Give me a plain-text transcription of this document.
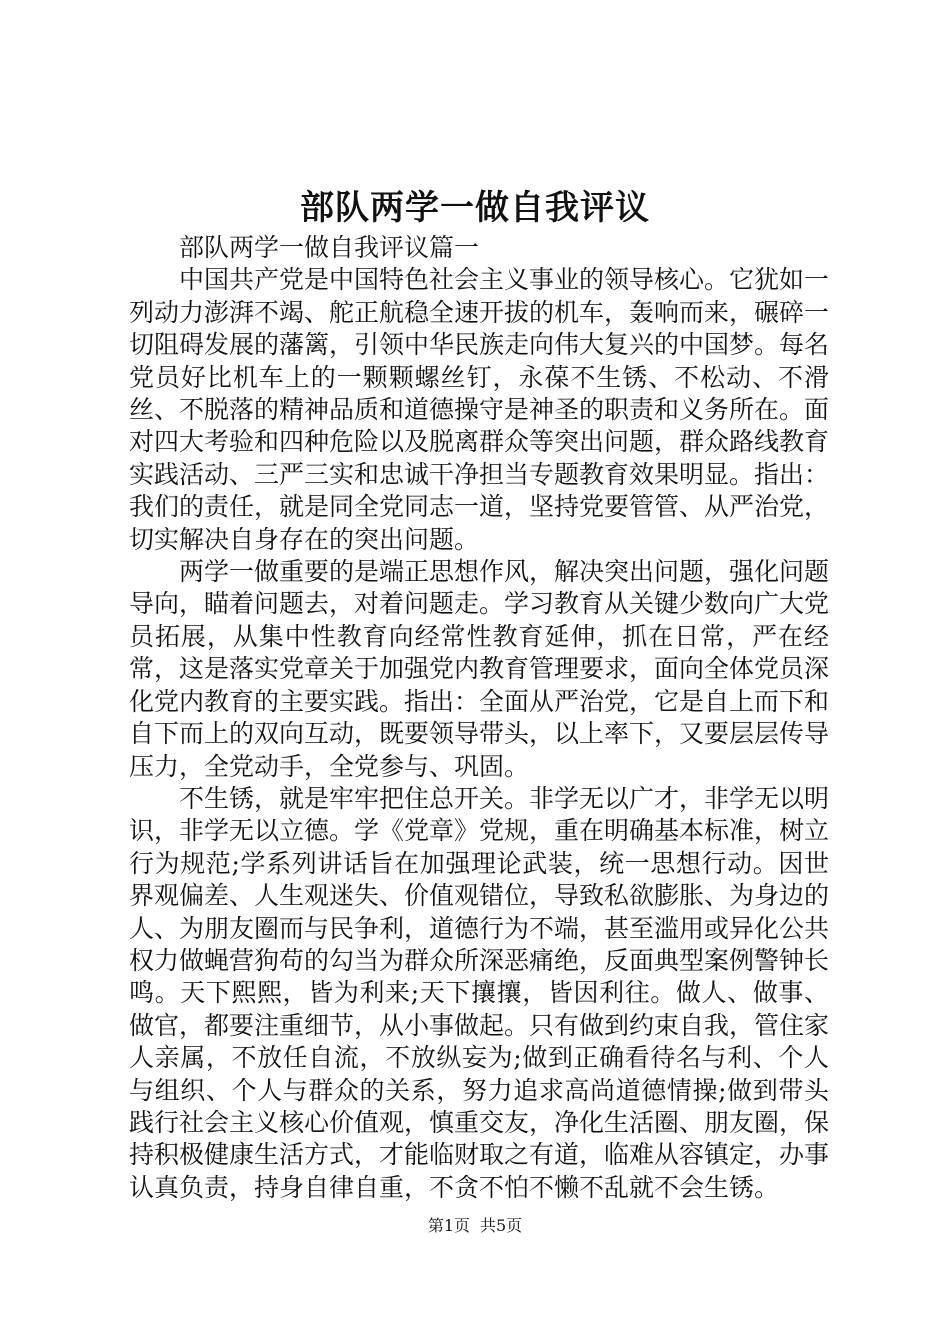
部队两学一做自我评议

部队两学一做自我评议篇一

中国共产党是中国特色社会主义事业的领导核心。它犹如一列动力澎湃不竭、舵正航稳全速开拔的机车，轰响而来，碾碎一切阻碍发展的藩篱，引领中华民族走向伟大复兴的中国梦。每名党员好比机车上的一颗颗螺丝钉，永葆不生锈、不松动、不滑丝、不脱落的精神品质和道德操守是神圣的职责和义务所在。面对四大考验和四种危险以及脱离群众等突出问题，群众路线教育实践活动、三严三实和忠诚干净担当专题教育效果明显。指出：我们的责任，就是同全党同志一道，坚持党要管管、从严治党，切实解决自身存在的突出问题。

两学一做重要的是端正思想作风，解决突出问题，强化问题导向，瞄着问题去，对着问题走。学习教育从关键少数向广大党员拓展，从集中性教育向经常性教育延伸，抓在日常，严在经常，这是落实党章关于加强党内教育管理要求，面向全体党员深化党内教育的主要实践。指出：全面从严治党，它是自上而下和自下而上的双向互动，既要领导带头，以上率下，又要层层传导压力，全党动手，全党参与、巩固。

不生锈，就是牢牢把住总开关。非学无以广才，非学无以明识，非学无以立德。学《党章》党规，重在明确基本标准，树立行为规范;学系列讲话旨在加强理论武装，统一思想行动。因世界观偏差、人生观迷失、价值观错位，导致私欲膨胀、为身边的人、为朋友圈而与民争利，道德行为不端，甚至滥用或异化公共权力做蝇营狗苟的勾当为群众所深恶痛绝，反面典型案例警钟长鸣。天下熙熙，皆为利来;天下攘攘，皆因利往。做人、做事、做官，都要注重细节，从小事做起。只有做到约束自我，管住家人亲属，不放任自流，不放纵妄为;做到正确看待名与利、个人与组织、个人与群众的关系，努力追求高尚道德情操;做到带头践行社会主义核心价值观，慎重交友，净化生活圈、朋友圈，保持积极健康生活方式，才能临财取之有道，临难从容镇定，办事认真负责，持身自律自重，不贪不怕不懒不乱就不会生锈。

第1页 共5页
